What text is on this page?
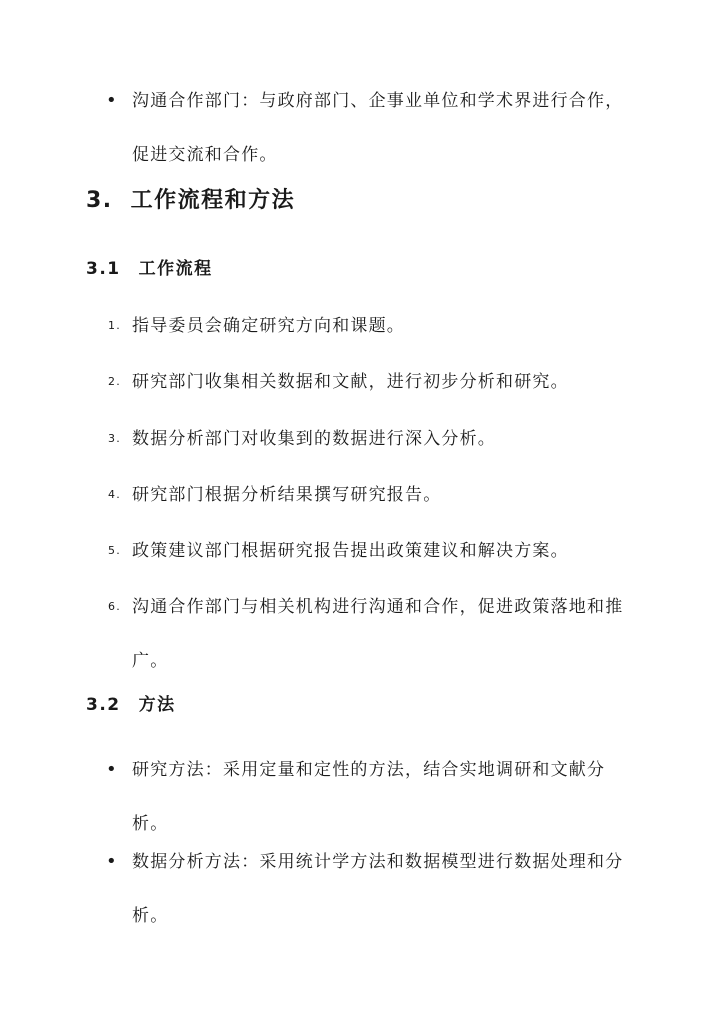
• 沟通合作部门：与政府部门、企事业单位和学术界进行合作，促进交流和合作。
3. 工作流程和方法
3.1 工作流程
1. 指导委员会确定研究方向和课题。
2. 研究部门收集相关数据和文献，进行初步分析和研究。
3. 数据分析部门对收集到的数据进行深入分析。
4. 研究部门根据分析结果撰写研究报告。
5. 政策建议部门根据研究报告提出政策建议和解决方案。
6. 沟通合作部门与相关机构进行沟通和合作，促进政策落地和推广。
3.2 方法
• 研究方法：采用定量和定性的方法，结合实地调研和文献分析。
• 数据分析方法：采用统计学方法和数据模型进行数据处理和分析。
